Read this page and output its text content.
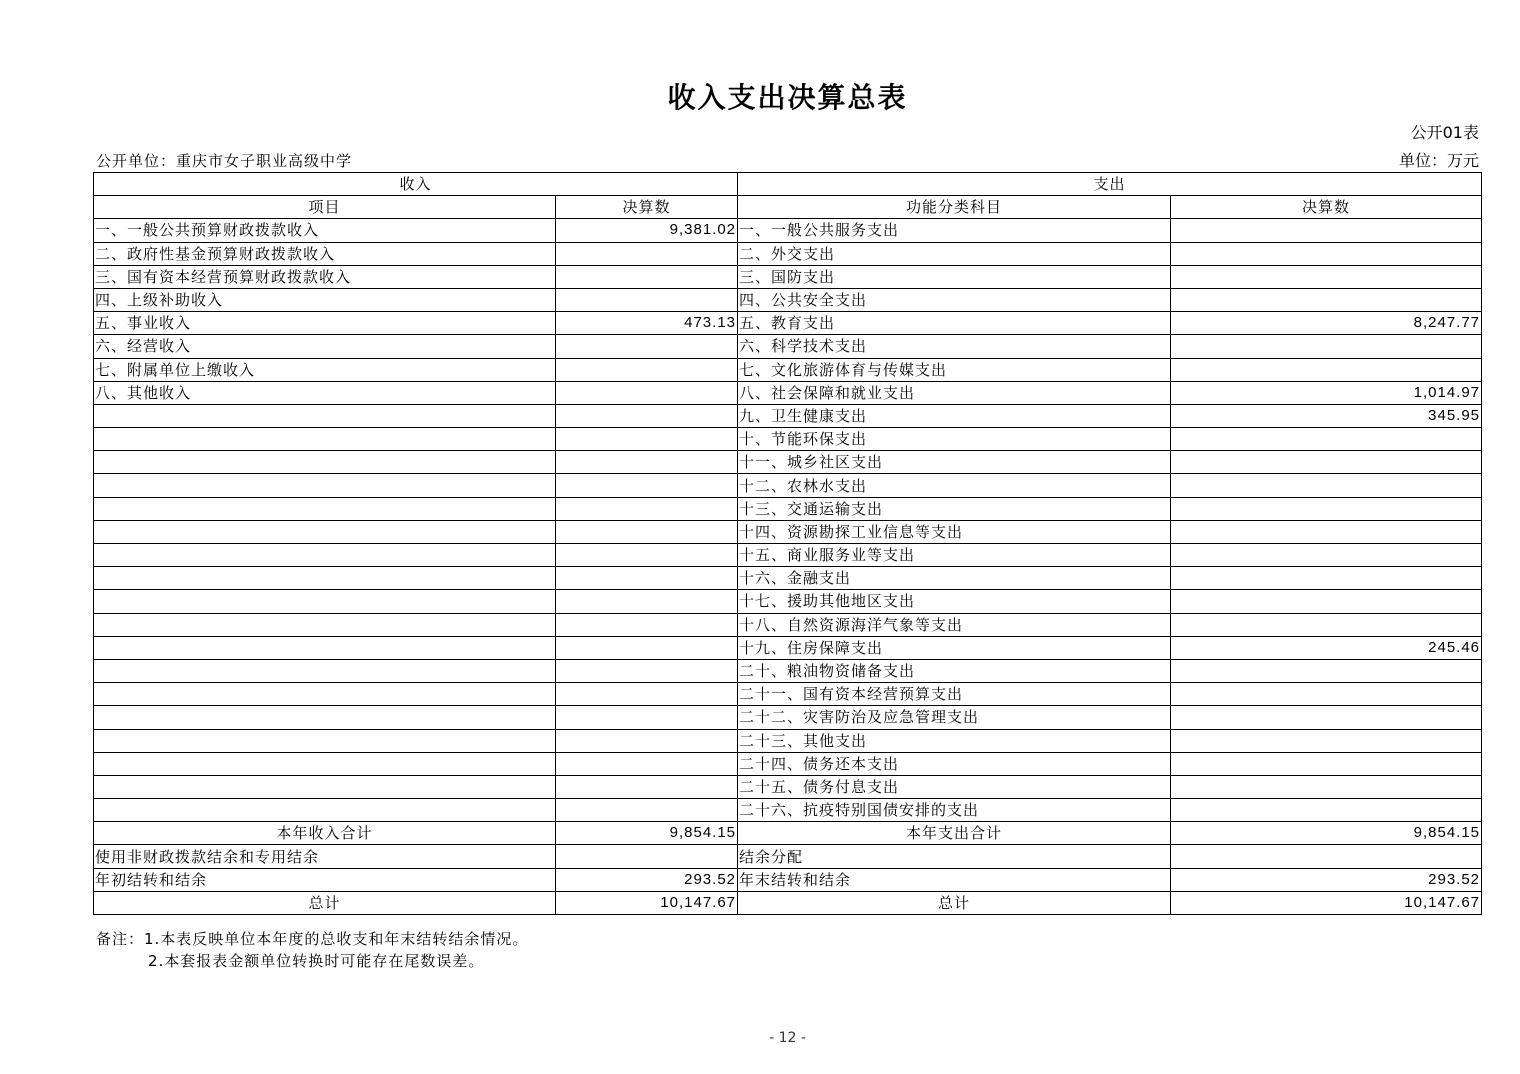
收入支出决算总表
公开01表
单位：万元
公开单位：重庆市女子职业高级中学
收入		支出	
项目	决算数	功能分类科目	决算数
一、一般公共预算财政拨款收入	9,381.02	一、一般公共服务支出	
二、政府性基金预算财政拨款收入		二、外交支出	
三、国有资本经营预算财政拨款收入		三、国防支出	
四、上级补助收入		四、公共安全支出	
五、事业收入	473.13	五、教育支出	8,247.77
六、经营收入		六、科学技术支出	
七、附属单位上缴收入		七、文化旅游体育与传媒支出	
八、其他收入		八、社会保障和就业支出	1,014.97
		九、卫生健康支出	345.95
		十、节能环保支出	
		十一、城乡社区支出	
		十二、农林水支出	
		十三、交通运输支出	
		十四、资源勘探工业信息等支出	
		十五、商业服务业等支出	
		十六、金融支出	
		十七、援助其他地区支出	
		十八、自然资源海洋气象等支出	
		十九、住房保障支出	245.46
		二十、粮油物资储备支出	
		二十一、国有资本经营预算支出	
		二十二、灾害防治及应急管理支出	
		二十三、其他支出	
		二十四、债务还本支出	
		二十五、债务付息支出	
		二十六、抗疫特别国债安排的支出	
本年收入合计	9,854.15	本年支出合计	9,854.15
使用非财政拨款结余和专用结余		结余分配	
年初结转和结余	293.52	年末结转和结余	293.52
总计	10,147.67	总计	10,147.67
备注：1.本表反映单位本年度的总收支和年末结转结余情况。
2.本套报表金额单位转换时可能存在尾数误差。
- 12 -
